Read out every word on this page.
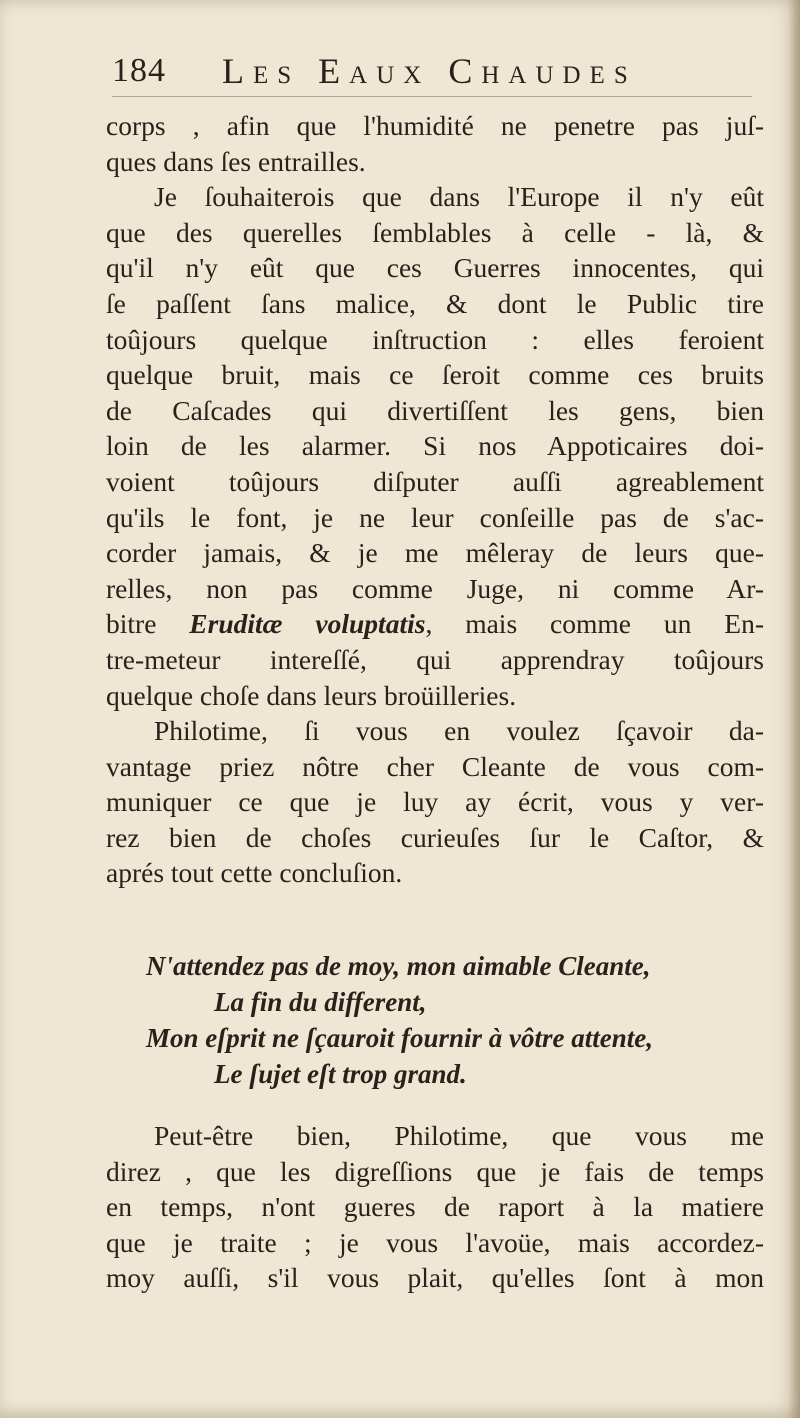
184 Les Eaux Chaudes
corps , afin que l'humidité ne penetre pas juſ-
ques dans ſes entrailles.
Je ſouhaiterois que dans l'Europe il n'y eût
que des querelles ſemblables à celle - là, &
qu'il n'y eût que ces Guerres innocentes, qui
ſe paſſent ſans malice, & dont le Public tire
toûjours quelque inſtruction : elles feroient
quelque bruit, mais ce ſeroit comme ces bruits
de Caſcades qui divertiſſent les gens, bien
loin de les alarmer. Si nos Appoticaires doi-
voient toûjours diſputer auſſi agreablement
qu'ils le font, je ne leur conſeille pas de s'ac-
corder jamais, & je me mêleray de leurs que-
relles, non pas comme Juge, ni comme Ar-
bitre Eruditæ voluptatis, mais comme un En-
tre-meteur intereſſé, qui apprendray toûjours
quelque choſe dans leurs broüilleries.
Philotime, ſi vous en voulez ſçavoir da-
vantage priez nôtre cher Cleante de vous com-
muniquer ce que je luy ay écrit, vous y ver-
rez bien de choſes curieuſes ſur le Caſtor, &
aprés tout cette concluſion.
N'attendez pas de moy, mon aimable Cleante,
La fin du different,
Mon eſprit ne ſçauroit fournir à vôtre attente,
Le ſujet eſt trop grand.
Peut-être bien, Philotime, que vous me
direz , que les digreſſions que je fais de temps
en temps, n'ont gueres de raport à la matiere
que je traite ; je vous l'avoüe, mais accordez-
moy auſſi, s'il vous plait, qu'elles ſont à mon
